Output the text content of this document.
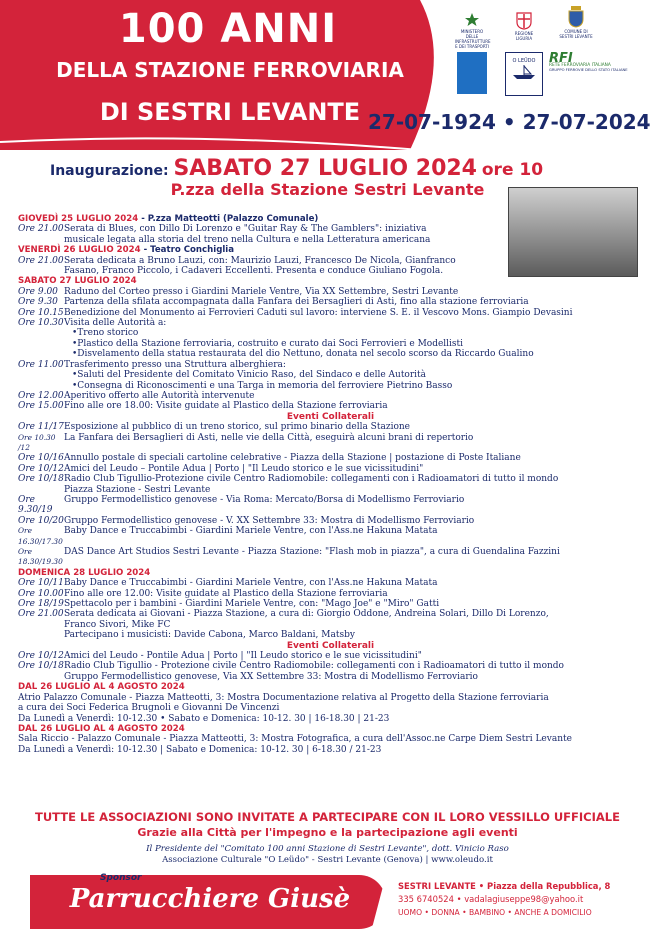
100 ANNI
DELLA STAZIONE FERROVIARIA
DI SESTRI LEVANTE 27-07-1924 • 27-07-2024
MINISTERO DELLE INFRASTRUTTURE E DEI TRASPORTI
REGIONE LIGURIA
COMUNE DI SESTRI LEVANTE
O LEÜDO	RFI
RETE FERROVIARIA ITALIANA
GRUPPO FERROVIE DELLO STATO ITALIANE
Inaugurazione: SABATO 27 LUGLIO 2024 ore 10
P.zza della Stazione Sestri Levante
GIOVEDÌ 25 LUGLIO 2024 - P.zza Matteotti (Palazzo Comunale)
Ore 21.00 Serata di Blues, con Dillo Di Lorenzo e "Guitar Ray & The Gamblers": iniziativa
musicale legata alla storia del treno nella Cultura e nella Letteratura americana
VENERDÌ 26 LUGLIO 2024 - Teatro Conchiglia
Ore 21.00 Serata dedicata a Bruno Lauzi, con: Maurizio Lauzi, Francesco De Nicola, Gianfranco
Fasano, Franco Piccolo, i Cadaveri Eccellenti. Presenta e conduce Giuliano Fogola.
SABATO 27 LUGLIO 2024
Ore 9.00 Raduno del Corteo presso i Giardini Mariele Ventre, Via XX Settembre, Sestri Levante
Ore 9.30 Partenza della sfilata accompagnata dalla Fanfara dei Bersaglieri di Asti, fino alla stazione ferroviaria
Ore 10.15 Benedizione del Monumento ai Ferrovieri Caduti sul lavoro: interviene S. E. il Vescovo Mons. Giampio Devasini
Ore 10.30 Visita delle Autorità a:
•Treno storico
•Plastico della Stazione ferroviaria, costruito e curato dai Soci Ferrovieri e Modellisti
•Disvelamento della statua restaurata del dio Nettuno, donata nel secolo scorso da Riccardo Gualino
Ore 11.00 Trasferimento presso una Struttura alberghiera:
•Saluti del Presidente del Comitato Vinicio Raso, del Sindaco e delle Autorità
•Consegna di Riconoscimenti e una Targa in memoria del ferroviere Pietrino Basso
Ore 12.00 Aperitivo offerto alle Autorità intervenute
Ore 15.00 Fino alle ore 18.00: Visite guidate al Plastico della Stazione ferroviaria
Eventi Collaterali
Ore 11/17 Esposizione al pubblico di un treno storico, sul primo binario della Stazione
Ore 10.30 /12
La Fanfara dei Bersaglieri di Asti, nelle vie della Città, eseguirà alcuni brani di repertorio
Ore 10/16 Annullo postale di speciali cartoline celebrative - Piazza della Stazione | postazione di Poste Italiane
Ore 10/12 Amici del Leudo – Pontile Adua | Porto | "Il Leudo storico e le sue vicissitudini"
Ore 10/18 Radio Club Tigullio-Protezione civile Centro Radiomobile: collegamenti con i Radioamatori di tutto il mondo
Piazza Stazione - Sestri Levante
Ore 9.30/19
Gruppo Fermodellistico genovese - Via Roma: Mercato/Borsa di Modellismo Ferroviario
Ore 10/20 Gruppo Fermodellistico genovese - V. XX Settembre 33: Mostra di Modellismo Ferroviario
Ore 16.30/17.30
Baby Dance e Truccabimbi - Giardini Mariele Ventre, con l'Ass.ne Hakuna Matata
Ore 18.30/19.30
DAS Dance Art Studios Sestri Levante - Piazza Stazione: "Flash mob in piazza", a cura di Guendalina Fazzini
DOMENICA 28 LUGLIO 2024
Ore 10/11 Baby Dance e Truccabimbi - Giardini Mariele Ventre, con l'Ass.ne Hakuna Matata
Ore 10.00 Fino alle ore 12.00: Visite guidate al Plastico della Stazione ferroviaria
Ore 18/19 Spettacolo per i bambini - Giardini Mariele Ventre, con: "Mago Joe" e "Miro" Gatti
Ore 21.00 Serata dedicata ai Giovani - Piazza Stazione, a cura di: Giorgio Oddone, Andreina Solari, Dillo Di Lorenzo,
Franco Sivori, Mike FC
Partecipano i musicisti: Davide Cabona, Marco Baldani, Matsby
Eventi Collaterali
Ore 10/12 Amici del Leudo - Pontile Adua | Porto | "Il Leudo storico e le sue vicissitudini"
Ore 10/18 Radio Club Tigullio - Protezione civile Centro Radiomobile: collegamenti con i Radioamatori di tutto il mondo
Gruppo Fermodellistico genovese, Via XX Settembre 33: Mostra di Modellismo Ferroviario
DAL 26 LUGLIO AL 4 AGOSTO 2024
Atrio Palazzo Comunale - Piazza Matteotti, 3: Mostra Documentazione relativa al Progetto della Stazione ferroviaria
a cura dei Soci Federica Brugnoli e Giovanni De Vincenzi
Da Lunedì a Venerdì: 10-12.30 • Sabato e Domenica: 10-12. 30 | 16-18.30 | 21-23
DAL 26 LUGLIO AL 4 AGOSTO 2024
Sala Riccio - Palazzo Comunale - Piazza Matteotti, 3: Mostra Fotografica, a cura dell'Assoc.ne Carpe Diem Sestri Levante
Da Lunedì a Venerdì: 10-12.30 | Sabato e Domenica: 10-12. 30 | 6-18.30 / 21-23
TUTTE LE ASSOCIAZIONI SONO INVITATE A PARTECIPARE CON IL LORO VESSILLO UFFICIALE
Grazie alla Città per l'impegno e la partecipazione agli eventi
Il Presidente del "Comitato 100 anni Stazione di Sestri Levante", dott. Vinicio Raso
Associazione Culturale "O Leüdo" - Sestri Levante (Genova) | www.oleudo.it
Sponsor
Parrucchiere Giusè	SESTRI LEVANTE • Piazza della Repubblica, 8
335 6740524 • vadalagiuseppe98@yahoo.it
UOMO • DONNA • BAMBINO • ANCHE A DOMICILIO
